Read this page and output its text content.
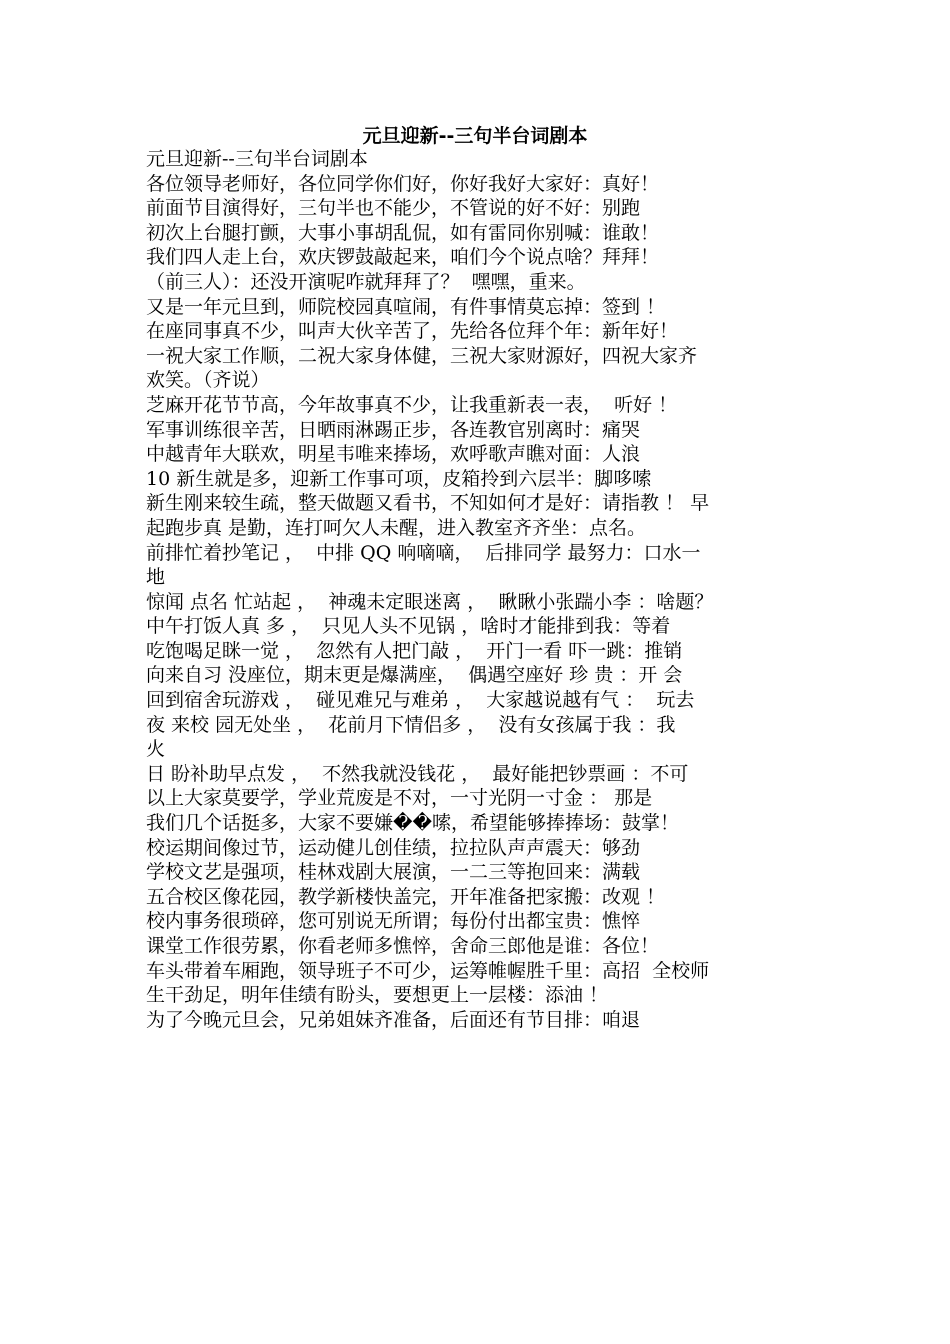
元旦迎新--三句半台词剧本
元旦迎新--三句半台词剧本
各位领导老师好，各位同学你们好，你好我好大家好：真好！
前面节目演得好，三句半也不能少，不管说的好不好：别跑
初次上台腿打颤，大事小事胡乱侃，如有雷同你别喊：谁敢！
我们四人走上台，欢庆锣鼓敲起来，咱们今个说点啥？拜拜！
（前三人）：还没开演呢咋就拜拜了？  嘿嘿，重来。
又是一年元旦到，师院校园真喧闹，有件事情莫忘掉：签到 ！
在座同事真不少，叫声大伙辛苦了，先给各位拜个年：新年好！
一祝大家工作顺，二祝大家身体健，三祝大家财源好，四祝大家齐
欢笑。（齐说）
芝麻开花节节高，今年故事真不少，让我重新表一表，  听好 ！
军事训练很辛苦，日晒雨淋踢正步，各连教官别离时：痛哭
中越青年大联欢，明星韦唯来捧场，欢呼歌声瞧对面：人浪
10 新生就是多，迎新工作事可项，皮箱拎到六层半：脚哆嗦
新生刚来较生疏，整天做题又看书，不知如何才是好：请指教 ！ 早
起跑步真 是勤，连打呵欠人未醒，进入教室齐齐坐：点名。
前排忙着抄笔记 ，  中排 QQ 响嘀嘀，  后排同学 最努力：口水一
地
惊闻 点名 忙站起 ，  神魂未定眼迷离 ，  瞅瞅小张踹小李 ：啥题？
中午打饭人真 多 ，  只见人头不见锅 ，啥时才能排到我：等着
吃饱喝足眯一觉 ，  忽然有人把门敲 ，  开门一看 吓一跳：推销
向来自习 没座位，期末更是爆满座，  偶遇空座好 珍 贵 ：开 会
回到宿舍玩游戏 ，  碰见难兄与难弟 ，  大家越说越有气 ：  玩去
夜 来校 园无处坐 ，  花前月下情侣多 ，  没有女孩属于我 ：我
火
日 盼补助早点发 ，  不然我就没钱花 ，  最好能把钞票画 ：不可
以上大家莫要学，学业荒废是不对，一寸光阴一寸金 ： 那是
我们几个话挺多，大家不要嫌��嗦，希望能够捧捧场：鼓掌！
校运期间像过节，运动健儿创佳绩，拉拉队声声震天：够劲
学校文艺是强项，桂林戏剧大展演，一二三等抱回来：满载
五合校区像花园，教学新楼快盖完，开年准备把家搬：改观 ！
校内事务很琐碎，您可别说无所谓；每份付出都宝贵：憔悴
课堂工作很劳累，你看老师多憔悴，舍命三郎他是谁：各位！
车头带着车厢跑，领导班子不可少，运筹帷幄胜千里：高招  全校师
生干劲足，明年佳绩有盼头，要想更上一层楼：添油 ！
为了今晚元旦会，兄弟姐妹齐准备，后面还有节目排：咱退
